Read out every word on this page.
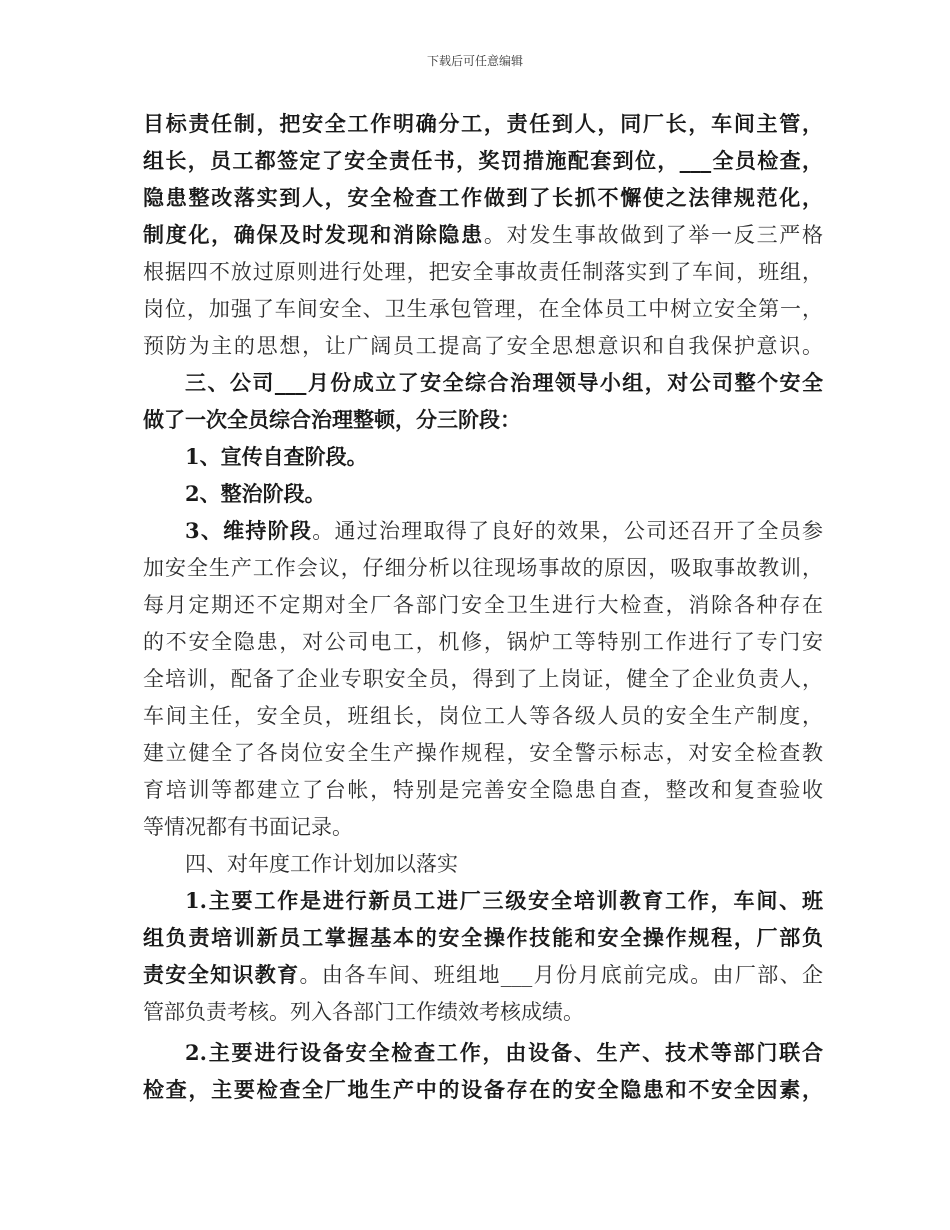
下载后可任意编辑
目标责任制，把安全工作明确分工，责任到人，同厂长，车间主管，
组长，员工都签定了安全责任书，奖罚措施配套到位，___全员检查，
隐患整改落实到人，安全检查工作做到了长抓不懈使之法律规范化，
制度化，确保及时发现和消除隐患。对发生事故做到了举一反三严格
根据四不放过原则进行处理，把安全事故责任制落实到了车间，班组，
岗位，加强了车间安全、卫生承包管理，在全体员工中树立安全第一，
预防为主的思想，让广阔员工提高了安全思想意识和自我保护意识。
三、公司___月份成立了安全综合治理领导小组，对公司整个安全
做了一次全员综合治理整顿，分三阶段：
1、宣传自查阶段。
2、整治阶段。
3、维持阶段。通过治理取得了良好的效果，公司还召开了全员参
加安全生产工作会议，仔细分析以往现场事故的原因，吸取事故教训，
每月定期还不定期对全厂各部门安全卫生进行大检查，消除各种存在
的不安全隐患，对公司电工，机修，锅炉工等特别工作进行了专门安
全培训，配备了企业专职安全员，得到了上岗证，健全了企业负责人，
车间主任，安全员，班组长，岗位工人等各级人员的安全生产制度，
建立健全了各岗位安全生产操作规程，安全警示标志，对安全检查教
育培训等都建立了台帐，特别是完善安全隐患自查，整改和复查验收
等情况都有书面记录。
四、对年度工作计划加以落实
1.主要工作是进行新员工进厂三级安全培训教育工作，车间、班
组负责培训新员工掌握基本的安全操作技能和安全操作规程，厂部负
责安全知识教育。由各车间、班组地___月份月底前完成。由厂部、企
管部负责考核。列入各部门工作绩效考核成绩。
2.主要进行设备安全检查工作，由设备、生产、技术等部门联合
检查，主要检查全厂地生产中的设备存在的安全隐患和不安全因素，
